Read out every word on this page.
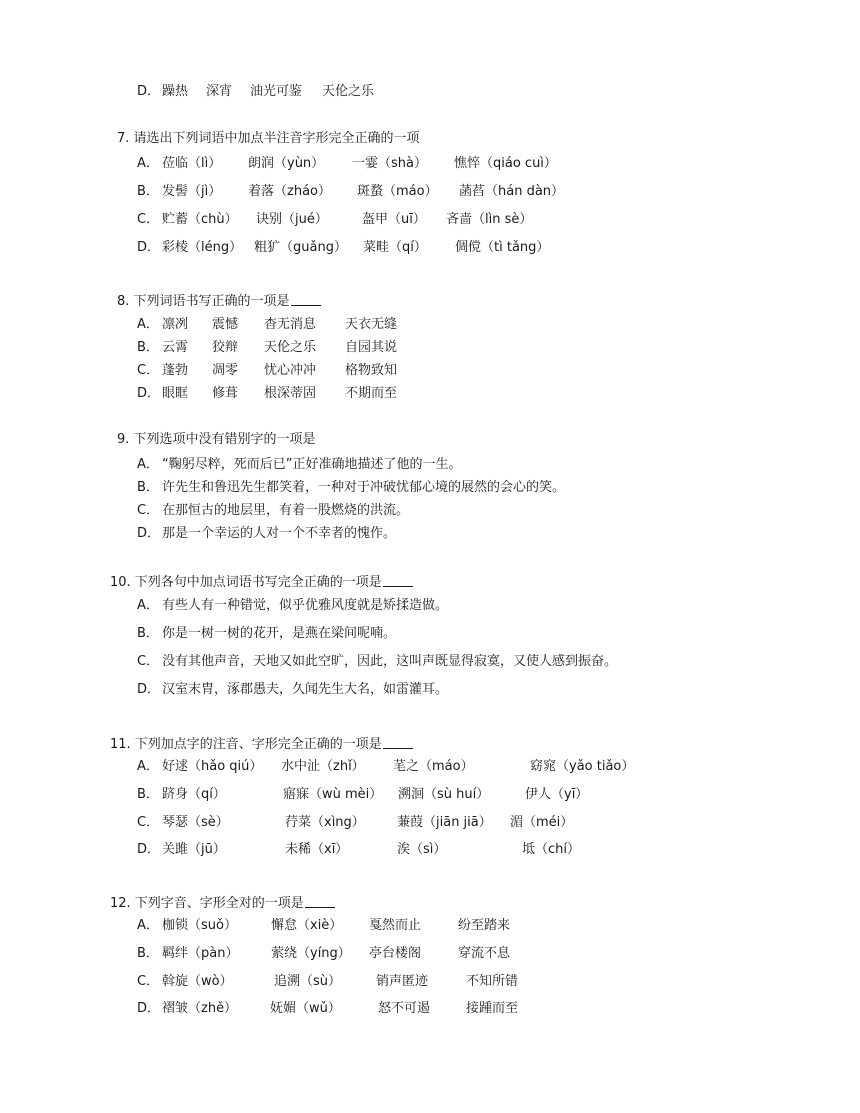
D． 躁热 深宵 油光可鉴 天伦之乐
7. 请选出下列词语中加点半注音字形完全正确的一项
A． 莅临（lì） 朗润（yùn） 一霎（shà） 憔悴（qiáo cuì）
B． 发髻（jì） 着落（zháo） 斑蝥（máo） 菡萏（hán dàn）
C． 贮蓄（chù） 诀别（jué）	盔甲（uī） 吝啬（lìn sè）
D． 彩棱（léng） 粗犷（guǎng） 菜畦（qí） 倜傥（tì tǎng）
8. 下列词语书写正确的一项是
A． 凛冽 震憾 杳无消息 天衣无缝
B． 云霄 狡辩 天伦之乐 自园其说
C． 蓬勃 凋零 忧心冲冲 格物致知
D． 眼眶 修葺 根深蒂固 不期而至
9. 下列选项中没有错别字的一项是
A． “鞠躬尽粹，死而后已”正好准确地描述了他的一生。
B． 许先生和鲁迅先生都笑着，一种对于冲破忧郁心境的展然的会心的笑。
C． 在那恒古的地层里，有着一股燃烧的洪流。
D． 那是一个幸运的人对一个不幸者的愧作。
10. 下列各句中加点词语书写完全正确的一项是
A． 有些人有一种错觉，似乎优雅风度就是矫揉造做。
B． 你是一树一树的花开，是燕在梁间呢喃。
C． 没有其他声音，天地又如此空旷，因此，这叫声既显得寂寞，又使人感到振奋。
D． 汉室末胄，涿郡愚夫，久闻先生大名，如雷灌耳。
11. 下列加点字的注音、字形完全正确的一项是
A． 好逑（hǎo qiú） 水中沚（zhǐ） 芼之（máo）	窈窕（yǎo tiǎo）
B． 跻身（qí）	寤寐（wù mèi） 溯洄（sù huí）	伊人（yī）
C． 琴瑟（sè）	荇菜（xìng） 蒹葭（jiān jiā） 湄（méi）
D． 关雎（jū）	未稀（xī）	涘（sì）	坻（chí）
12. 下列字音、字形全对的一项是
A． 枷锁（suǒ）	懈怠（xiè） 戛然而止	纷至踏来
B． 羁绊（pàn）	萦绕（yíng） 亭台楼阁	穿流不息
C． 斡旋（wò）	追溯（sù）	销声匿迹	不知所错
D． 褶皱（zhě）	妩媚（wǔ）	怒不可遏	接踵而至
